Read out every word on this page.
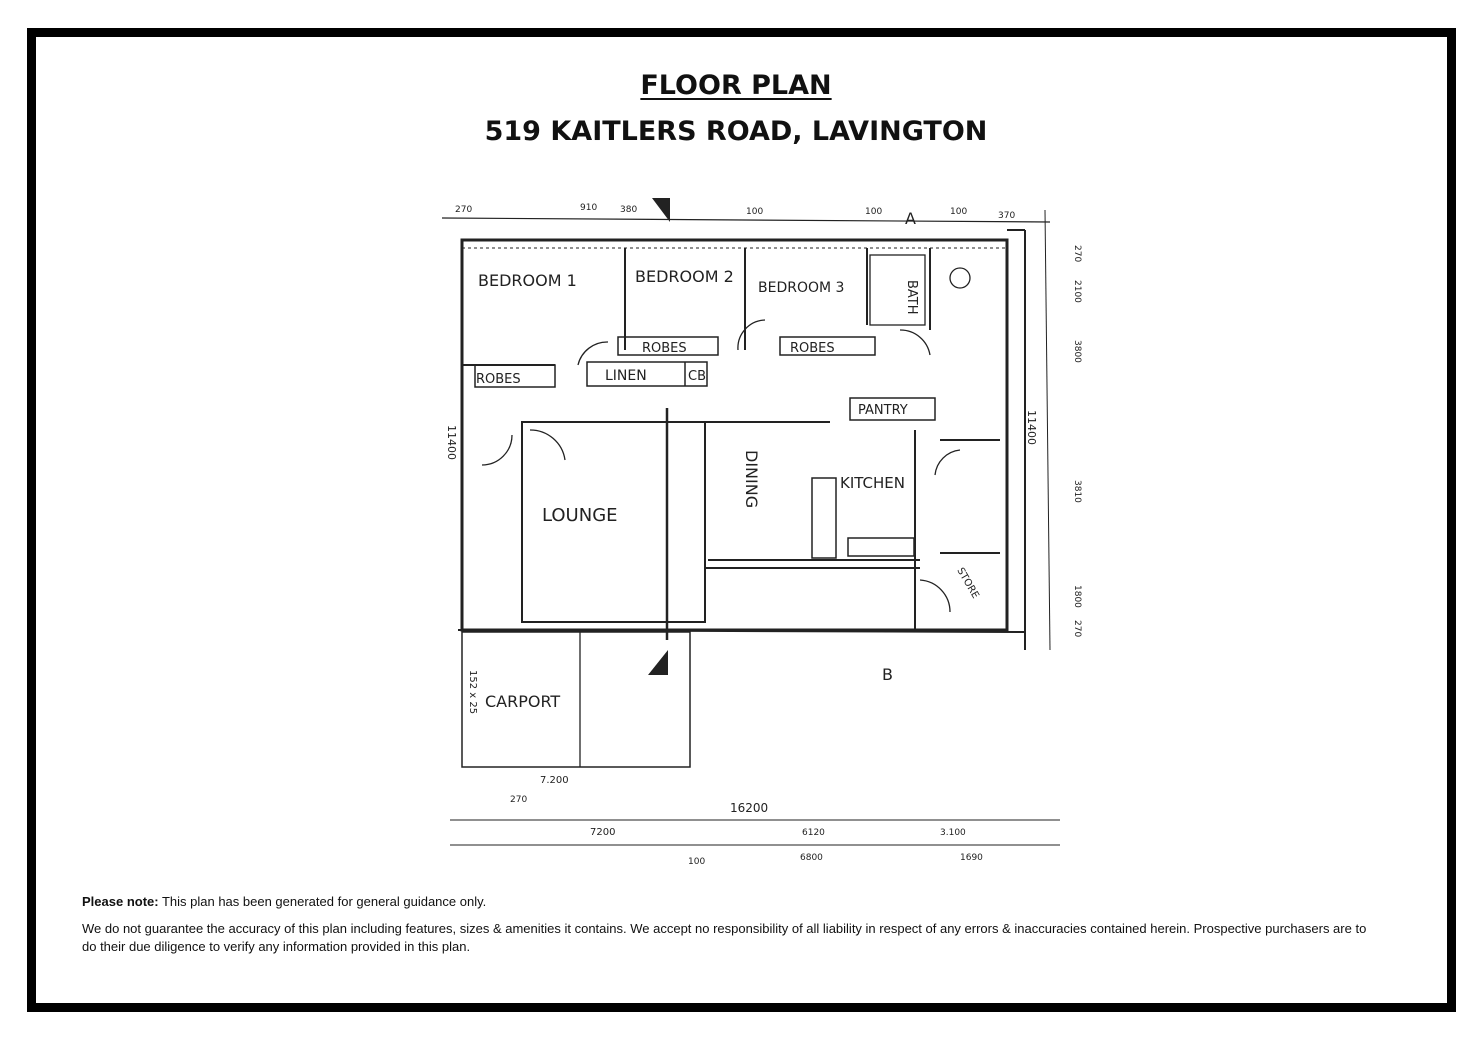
FLOOR PLAN
519 KAITLERS ROAD, LAVINGTON
BEDROOM 1	BEDROOM 2
BEDROOM 3	BATH
ROBES
ROBES	ROBES
LINEN	CB
PANTRY
LOUNGE
DINING	KITCHEN
CARPORT
STORE
A
B
270	910	380	100	100	100	370
270
2100
3800
11400
3810
1800
270
11400
16200
7200
7.200
270
1690
6800
100
3.100
6120
152 x 25
Please note: This plan has been generated for general guidance only.
We do not guarantee the accuracy of this plan including features, sizes & amenities it contains. We accept no responsibility of all liability in respect of any errors & inaccuracies contained herein. Prospective purchasers are to do their due diligence to verify any information provided in this plan.
